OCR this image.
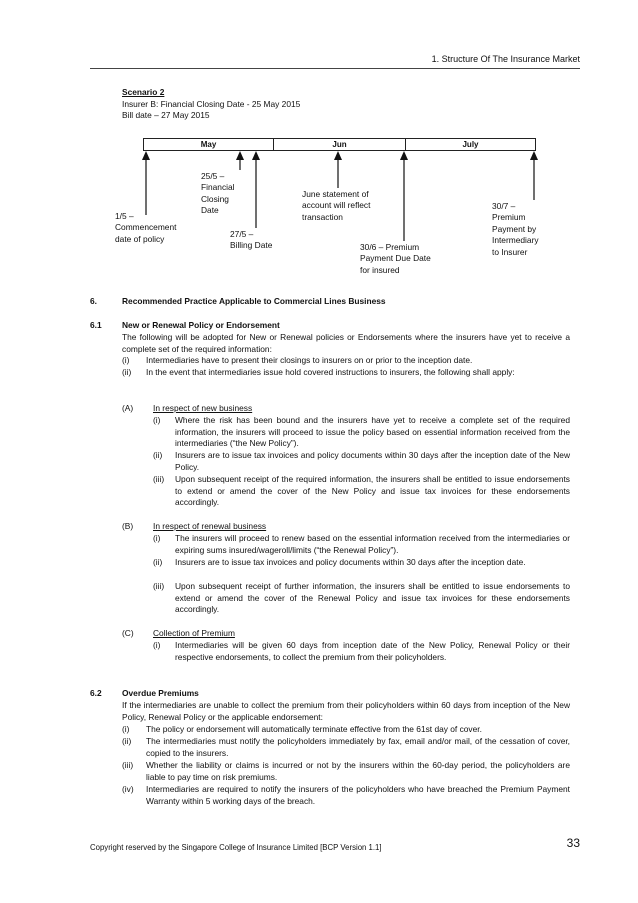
1. Structure Of The Insurance Market
Scenario 2
Insurer B: Financial Closing Date - 25 May 2015
Bill date – 27 May 2015
May	Jun	July
1/5 –
Commencement
date of policy
25/5 –
Financial
Closing
Date
27/5 –
Billing Date
June statement of
account will reflect
transaction
30/6 – Premium
Payment Due Date
for insured
30/7 –
Premium
Payment by
Intermediary
to Insurer
6.	Recommended Practice Applicable to Commercial Lines Business
6.1 New or Renewal Policy or Endorsement
The following will be adopted for New or Renewal policies or Endorsements where the insurers have yet to receive a complete set of the required information:
(i) Intermediaries have to present their closings to insurers on or prior to the inception date.
(ii) In the event that intermediaries issue hold covered instructions to insurers, the following shall apply:
(A) In respect of new business
(i) Where the risk has been bound and the insurers have yet to receive a complete set of the required information, the insurers will proceed to issue the policy based on essential information received from the intermediaries (“the New Policy”).
(ii) Insurers are to issue tax invoices and policy documents within 30 days after the inception date of the New Policy.
(iii) Upon subsequent receipt of the required information, the insurers shall be entitled to issue endorsements to extend or amend the cover of the New Policy and issue tax invoices for these endorsements accordingly.
(B) In respect of renewal business
(i) The insurers will proceed to renew based on the essential information received from the intermediaries or expiring sums insured/wageroll/limits (“the Renewal Policy”).
(ii) Insurers are to issue tax invoices and policy documents within 30 days after the inception date.
(iii) Upon subsequent receipt of further information, the insurers shall be entitled to issue endorsements to extend or amend the cover of the Renewal Policy and issue tax invoices for these endorsements accordingly.
(C) Collection of Premium
(i) Intermediaries will be given 60 days from inception date of the New Policy, Renewal Policy or their respective endorsements, to collect the premium from their policyholders.
6.2 Overdue Premiums
If the intermediaries are unable to collect the premium from their policyholders within 60 days from inception of the New Policy, Renewal Policy or the applicable endorsement:
(i) The policy or endorsement will automatically terminate effective from the 61st day of cover.
(ii) The intermediaries must notify the policyholders immediately by fax, email and/or mail, of the cessation of cover, copied to the insurers.
(iii) Whether the liability or claims is incurred or not by the insurers within the 60-day period, the policyholders are liable to pay time on risk premiums.
(iv) Intermediaries are required to notify the insurers of the policyholders who have breached the Premium Payment Warranty within 5 working days of the breach.
Copyright reserved by the Singapore College of Insurance Limited [BCP Version 1.1]	33
